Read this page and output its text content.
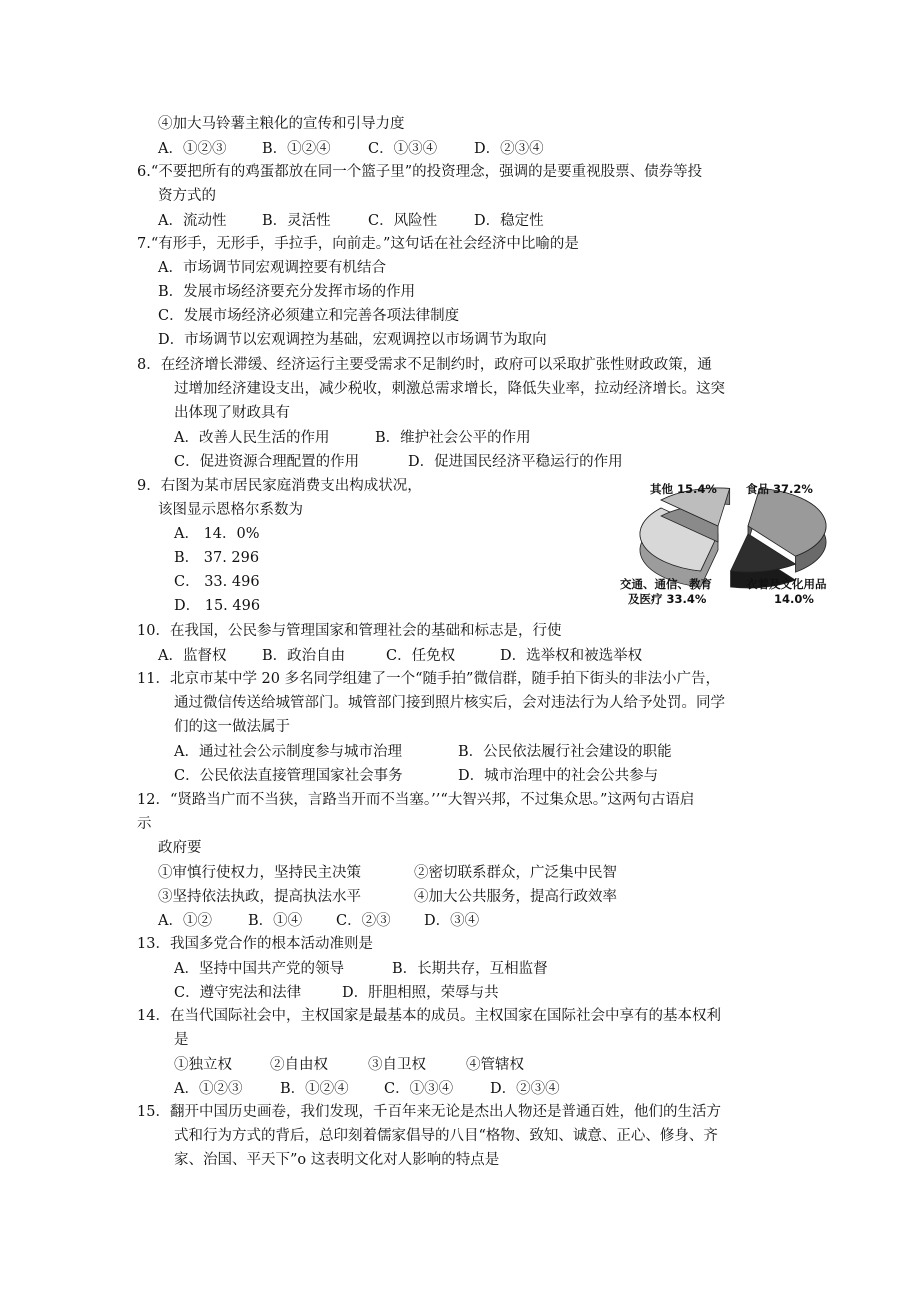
④加大马铃薯主粮化的宣传和引导力度
A．①②③ B．①②④	C．①③④	D．②③④
6.“不要把所有的鸡蛋都放在同一个篮子里”的投资理念，强调的是要重视股票、债券等投
资方式的
A．流动性 B．灵活性	C．风险性	D．稳定性
7.“有形手，无形手，手拉手，向前走。”这句话在社会经济中比喻的是
A．市场调节同宏观调控要有机结合
B．发展市场经济要充分发挥市场的作用
C．发展市场经济必须建立和完善各项法律制度
D．市场调节以宏观调控为基础，宏观调控以市场调节为取向
8．在经济增长滞缓、经济运行主要受需求不足制约时，政府可以采取扩张性财政政策，通
过增加经济建设支出，减少税收，刺激总需求增长，降低失业率，拉动经济增长。这突
出体现了财政具有
A．改善人民生活的作用	B．维护社会公平的作用
C．促进资源合理配置的作用	D．促进国民经济平稳运行的作用
9．右图为某市居民家庭消费支出构成状况，
该图显示恩格尔系数为
A． 14．0%
B． 37. 296
C． 33. 496
D． 15. 496
其他 15.4%	食品 37.2%
交通、通信、教育
及医疗 33.4%
衣着及文化用品
14.0%
10．在我国，公民参与管理国家和管理社会的基础和标志是，行使
A．监督权 B．政治自由	C．任免权	D．选举权和被选举权
11．北京市某中学 20 多名同学组建了一个“随手拍”微信群，随手拍下街头的非法小广告，
通过微信传送给城管部门。城管部门接到照片核实后，会对违法行为人给予处罚。同学
们的这一做法属于
A．通过社会公示制度参与城市治理	B．公民依法履行社会建设的职能
C．公民依法直接管理国家社会事务	D．城市治理中的社会公共参与
12．“贤路当广而不当狭，言路当开而不当塞。’’“大智兴邦，不过集众思。”这两句古语启
示
政府要
①审慎行使权力，坚持民主决策	②密切联系群众，广泛集中民智
③坚持依法执政，提高执法水平	④加大公共服务，提高行政效率
A．①② B．①④ C．②③ D．③④
13．我国多党合作的根本活动准则是
A．坚持中国共产党的领导	B．长期共存，互相监督
C．遵守宪法和法律	D．肝胆相照，荣辱与共
14．在当代国际社会中，主权国家是最基本的成员。主权国家在国际社会中享有的基本权利
是
①独立权	②自由权	③自卫权	④管辖权
A．①②③	B．①②④ C．①③④	D．②③④
15．翻开中国历史画卷，我们发现，千百年来无论是杰出人物还是普通百姓，他们的生活方
式和行为方式的背后，总印刻着儒家倡导的八目“格物、致知、诚意、正心、修身、齐
家、治国、平天下”o 这表明文化对人影响的特点是
